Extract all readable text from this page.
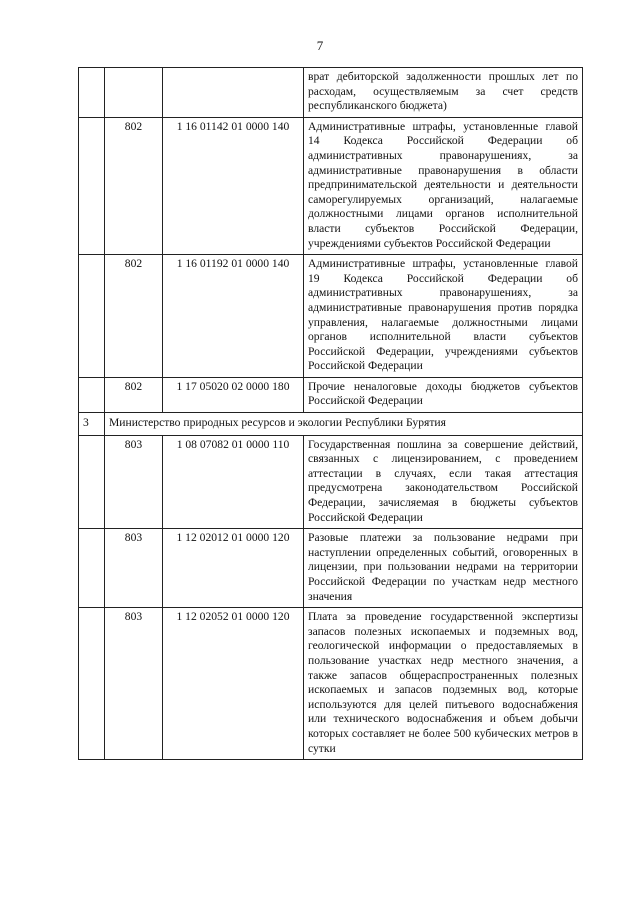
7
			врат дебиторской задолженности прошлых лет по расходам, осуществляемым за счет средств республиканского бюджета)
	802	1 16 01142 01 0000 140	Административные штрафы, установленные главой 14 Кодекса Российской Федерации об административных правонарушениях, за административные правонарушения в области предпринимательской деятельности и деятельности саморегулируемых организаций, налагаемые должностными лицами органов исполнительной власти субъектов Российской Федерации, учреждениями субъектов Российской Федерации
	802	1 16 01192 01 0000 140	Административные штрафы, установленные главой 19 Кодекса Российской Федерации об административных правонарушениях, за административные правонарушения против порядка управления, налагаемые должностными лицами органов исполнительной власти субъектов Российской Федерации, учреждениями субъектов Российской Федерации
	802	1 17 05020 02 0000 180	Прочие неналоговые доходы бюджетов субъектов Российской Федерации
3	Министерство природных ресурсов и экологии Республики Бурятия		
	803	1 08 07082 01 0000 110	Государственная пошлина за совершение действий, связанных с лицензированием, с проведением аттестации в случаях, если такая аттестация предусмотрена законодательством Российской Федерации, зачисляемая в бюджеты субъектов Российской Федерации
	803	1 12 02012 01 0000 120	Разовые платежи за пользование недрами при наступлении определенных событий, оговоренных в лицензии, при пользовании недрами на территории Российской Федерации по участкам недр местного значения
	803	1 12 02052 01 0000 120	Плата за проведение государственной экспертизы запасов полезных ископаемых и подземных вод, геологической информации о предоставляемых в пользование участках недр местного значения, а также запасов общераспространенных полезных ископаемых и запасов подземных вод, которые используются для целей питьевого водоснабжения или технического водоснабжения и объем добычи которых составляет не более 500 кубических метров в сутки
